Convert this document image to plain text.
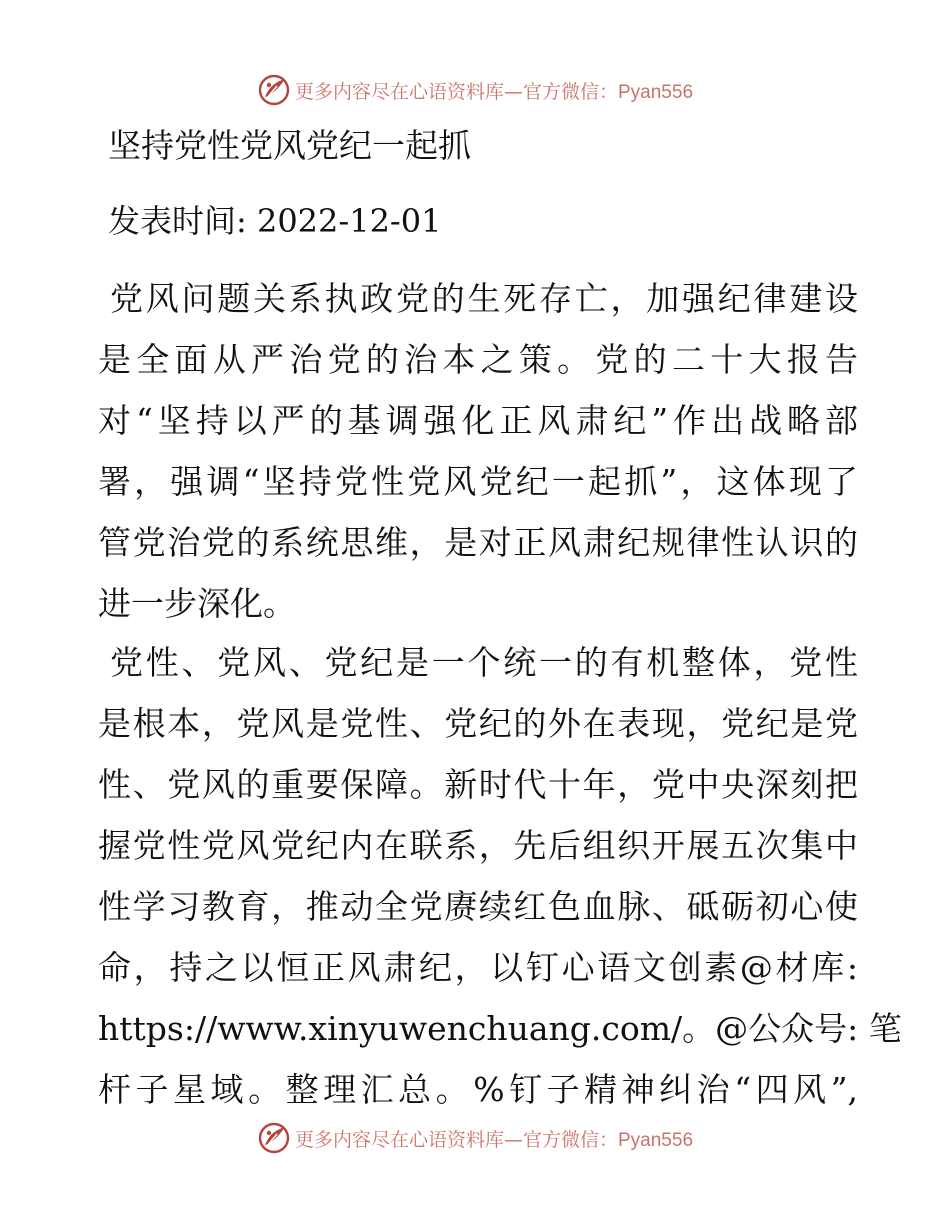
更多内容尽在心语资料库—官方微信：Pyan556
坚持党性党风党纪一起抓
发表时间: 2022-12-01
党风问题关系执政党的生死存亡，加强纪律建设
是全面从严治党的治本之策。党的二十大报告
对“坚持以严的基调强化正风肃纪”作出战略部
署，强调“坚持党性党风党纪一起抓”，这体现了
管党治党的系统思维，是对正风肃纪规律性认识的
进一步深化。
党性、党风、党纪是一个统一的有机整体，党性
是根本，党风是党性、党纪的外在表现，党纪是党
性、党风的重要保障。新时代十年，党中央深刻把
握党性党风党纪内在联系，先后组织开展五次集中
性学习教育，推动全党赓续红色血脉、砥砺初心使
命，持之以恒正风肃纪，以钉心语文创素@材库:
https://www.xinyuwenchuang.com/。@公众号: 笔
杆子星域。整理汇总。%钉子精神纠治“四风”,
更多内容尽在心语资料库—官方微信：Pyan556
